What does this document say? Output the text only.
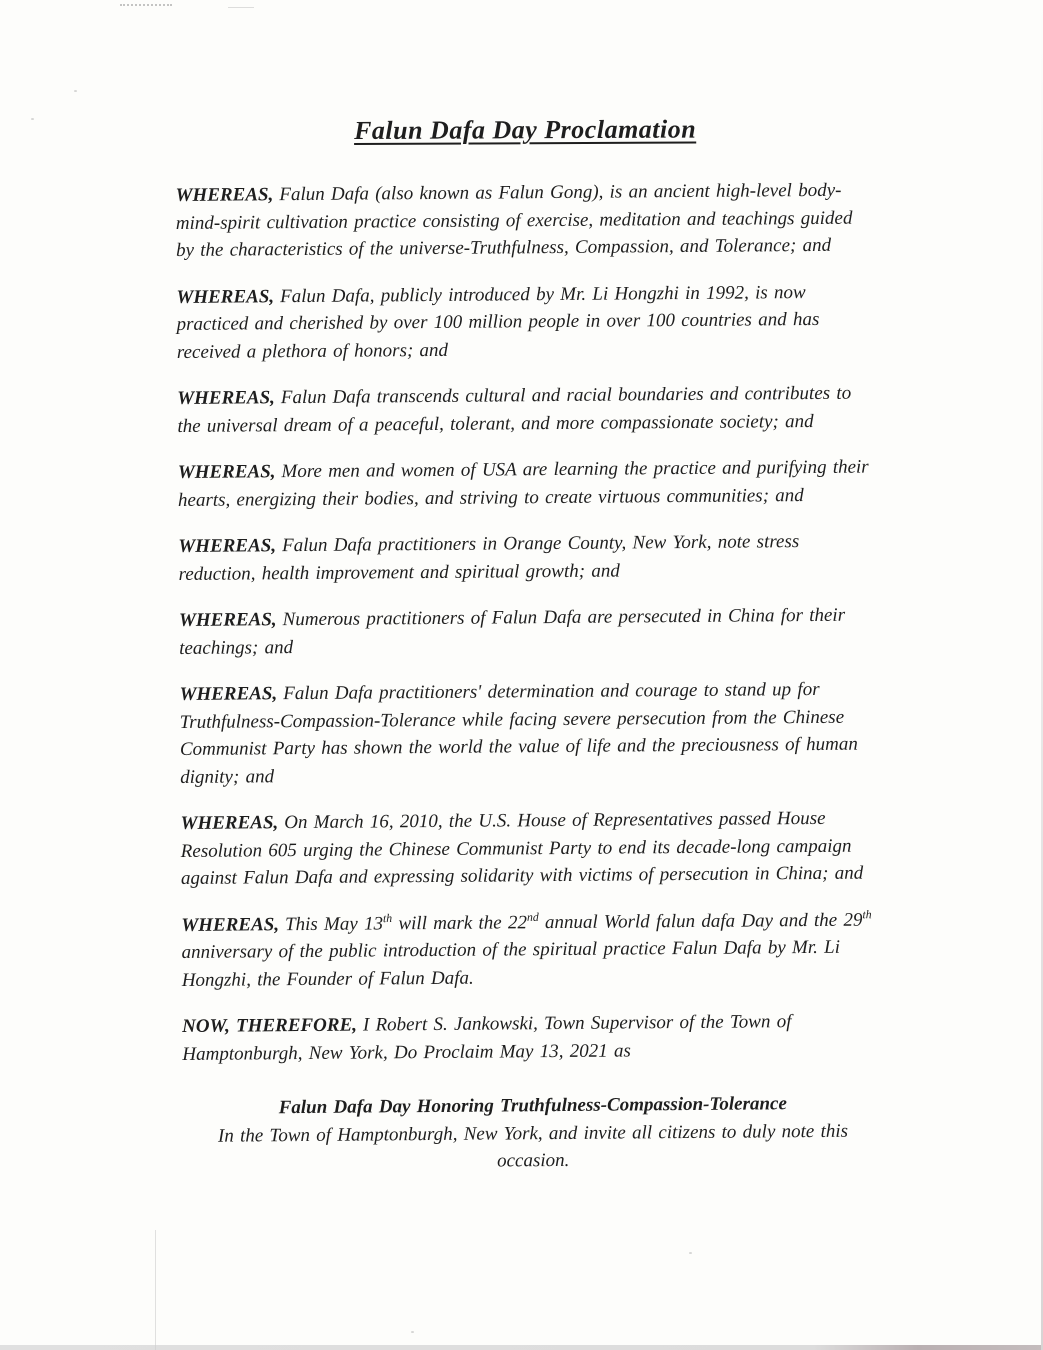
Falun Dafa Day Proclamation

WHEREAS, Falun Dafa (also known as Falun Gong), is an ancient high-level body-mind-spirit cultivation practice consisting of exercise, meditation and teachings guided by the characteristics of the universe-Truthfulness, Compassion, and Tolerance; and

WHEREAS, Falun Dafa, publicly introduced by Mr. Li Hongzhi in 1992, is now practiced and cherished by over 100 million people in over 100 countries and has received a plethora of honors; and

WHEREAS, Falun Dafa transcends cultural and racial boundaries and contributes to the universal dream of a peaceful, tolerant, and more compassionate society; and

WHEREAS, More men and women of USA are learning the practice and purifying their hearts, energizing their bodies, and striving to create virtuous communities; and

WHEREAS, Falun Dafa practitioners in Orange County, New York, note stress reduction, health improvement and spiritual growth; and

WHEREAS, Numerous practitioners of Falun Dafa are persecuted in China for their teachings; and

WHEREAS, Falun Dafa practitioners' determination and courage to stand up for Truthfulness-Compassion-Tolerance while facing severe persecution from the Chinese Communist Party has shown the world the value of life and the preciousness of human dignity; and

WHEREAS, On March 16, 2010, the U.S. House of Representatives passed House Resolution 605 urging the Chinese Communist Party to end its decade-long campaign against Falun Dafa and expressing solidarity with victims of persecution in China; and

WHEREAS, This May 13th will mark the 22nd annual World falun dafa Day and the 29th anniversary of the public introduction of the spiritual practice Falun Dafa by Mr. Li Hongzhi, the Founder of Falun Dafa.

NOW, THEREFORE, I Robert S. Jankowski, Town Supervisor of the Town of Hamptonburgh, New York, Do Proclaim May 13, 2021 as

Falun Dafa Day Honoring Truthfulness-Compassion-Tolerance

In the Town of Hamptonburgh, New York, and invite all citizens to duly note this occasion.
